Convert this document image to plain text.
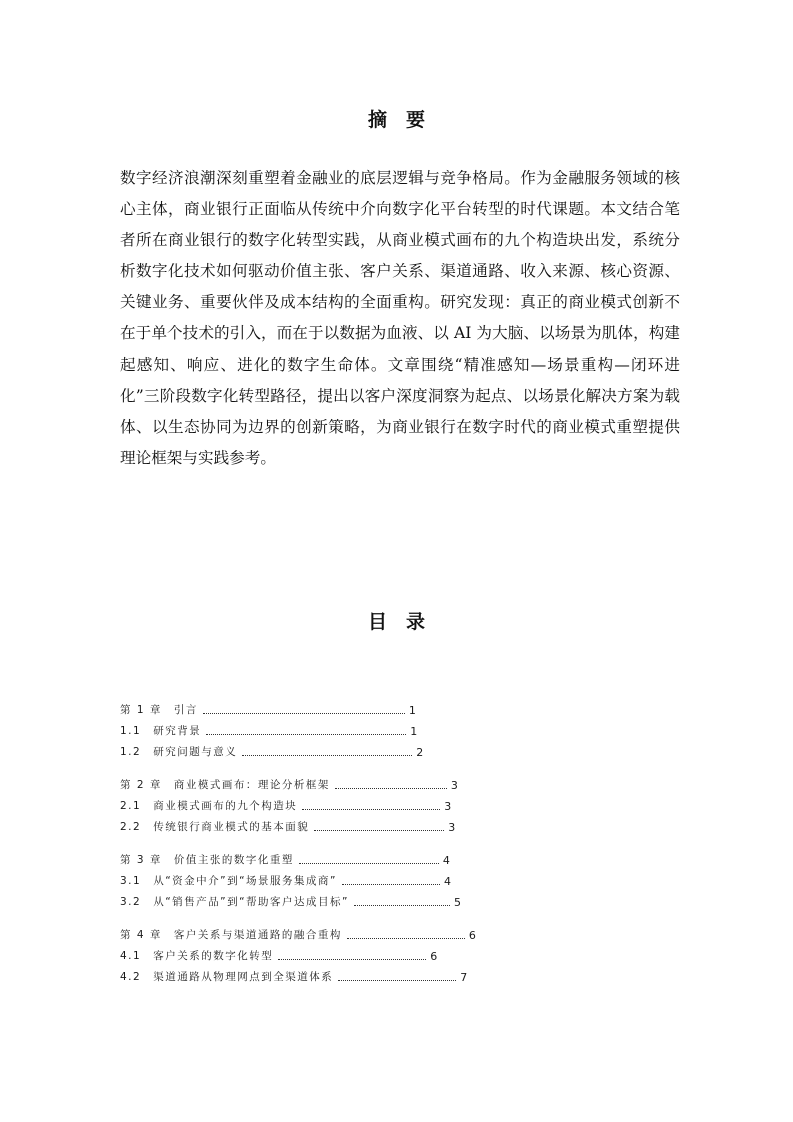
摘　要

数字经济浪潮深刻重塑着金融业的底层逻辑与竞争格局。作为金融服务领域的核心主体，商业银行正面临从传统中介向数字化平台转型的时代课题。本文结合笔者所在商业银行的数字化转型实践，从商业模式画布的九个构造块出发，系统分析数字化技术如何驱动价值主张、客户关系、渠道通路、收入来源、核心资源、关键业务、重要伙伴及成本结构的全面重构。研究发现：真正的商业模式创新不在于单个技术的引入，而在于以数据为血液、以 AI 为大脑、以场景为肌体，构建起感知、响应、进化的数字生命体。文章围绕“精准感知—场景重构—闭环进化”三阶段数字化转型路径，提出以客户深度洞察为起点、以场景化解决方案为载体、以生态协同为边界的创新策略，为商业银行在数字时代的商业模式重塑提供理论框架与实践参考。

目　录
第 1 章　引言	1
1.1　研究背景	1
1.2　研究问题与意义	2
第 2 章　商业模式画布：理论分析框架	3
2.1　商业模式画布的九个构造块	3
2.2　传统银行商业模式的基本面貌	3
第 3 章　价值主张的数字化重塑	4
3.1　从“资金中介”到“场景服务集成商”	4
3.2　从“销售产品”到“帮助客户达成目标”	5
第 4 章　客户关系与渠道通路的融合重构	6
4.1　客户关系的数字化转型	6
4.2　渠道通路从物理网点到全渠道体系	7
